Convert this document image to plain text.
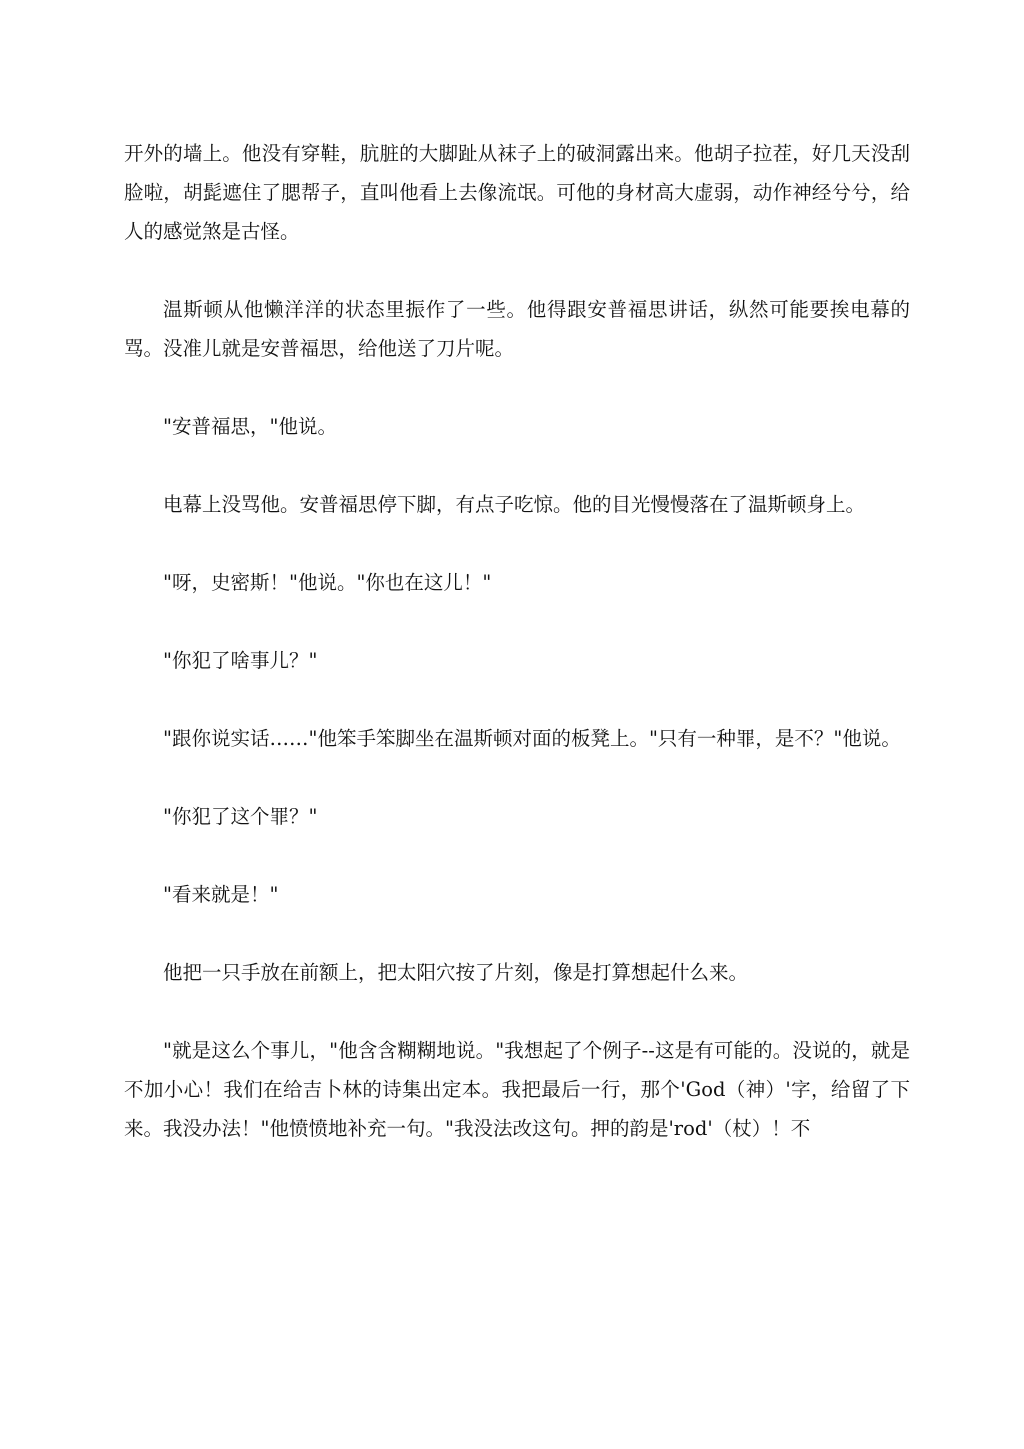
开外的墙上。他没有穿鞋，肮脏的大脚趾从袜子上的破洞露出来。他胡子拉茬，好几天没刮脸啦，胡髭遮住了腮帮子，直叫他看上去像流氓。可他的身材高大虚弱，动作神经兮兮，给人的感觉煞是古怪。

温斯顿从他懒洋洋的状态里振作了一些。他得跟安普福思讲话，纵然可能要挨电幕的骂。没准儿就是安普福思，给他送了刀片呢。

"安普福思，"他说。

电幕上没骂他。安普福思停下脚，有点子吃惊。他的目光慢慢落在了温斯顿身上。

"呀，史密斯！"他说。"你也在这儿！"

"你犯了啥事儿？"

"跟你说实话……"他笨手笨脚坐在温斯顿对面的板凳上。"只有一种罪，是不？"他说。

"你犯了这个罪？"

"看来就是！"

他把一只手放在前额上，把太阳穴按了片刻，像是打算想起什么来。

"就是这么个事儿，"他含含糊糊地说。"我想起了个例子--这是有可能的。没说的，就是不加小心！我们在给吉卜林的诗集出定本。我把最后一行，那个'God（神）'字，给留了下来。我没办法！"他愤愤地补充一句。"我没法改这句。押的韵是'rod'（杖）！不
